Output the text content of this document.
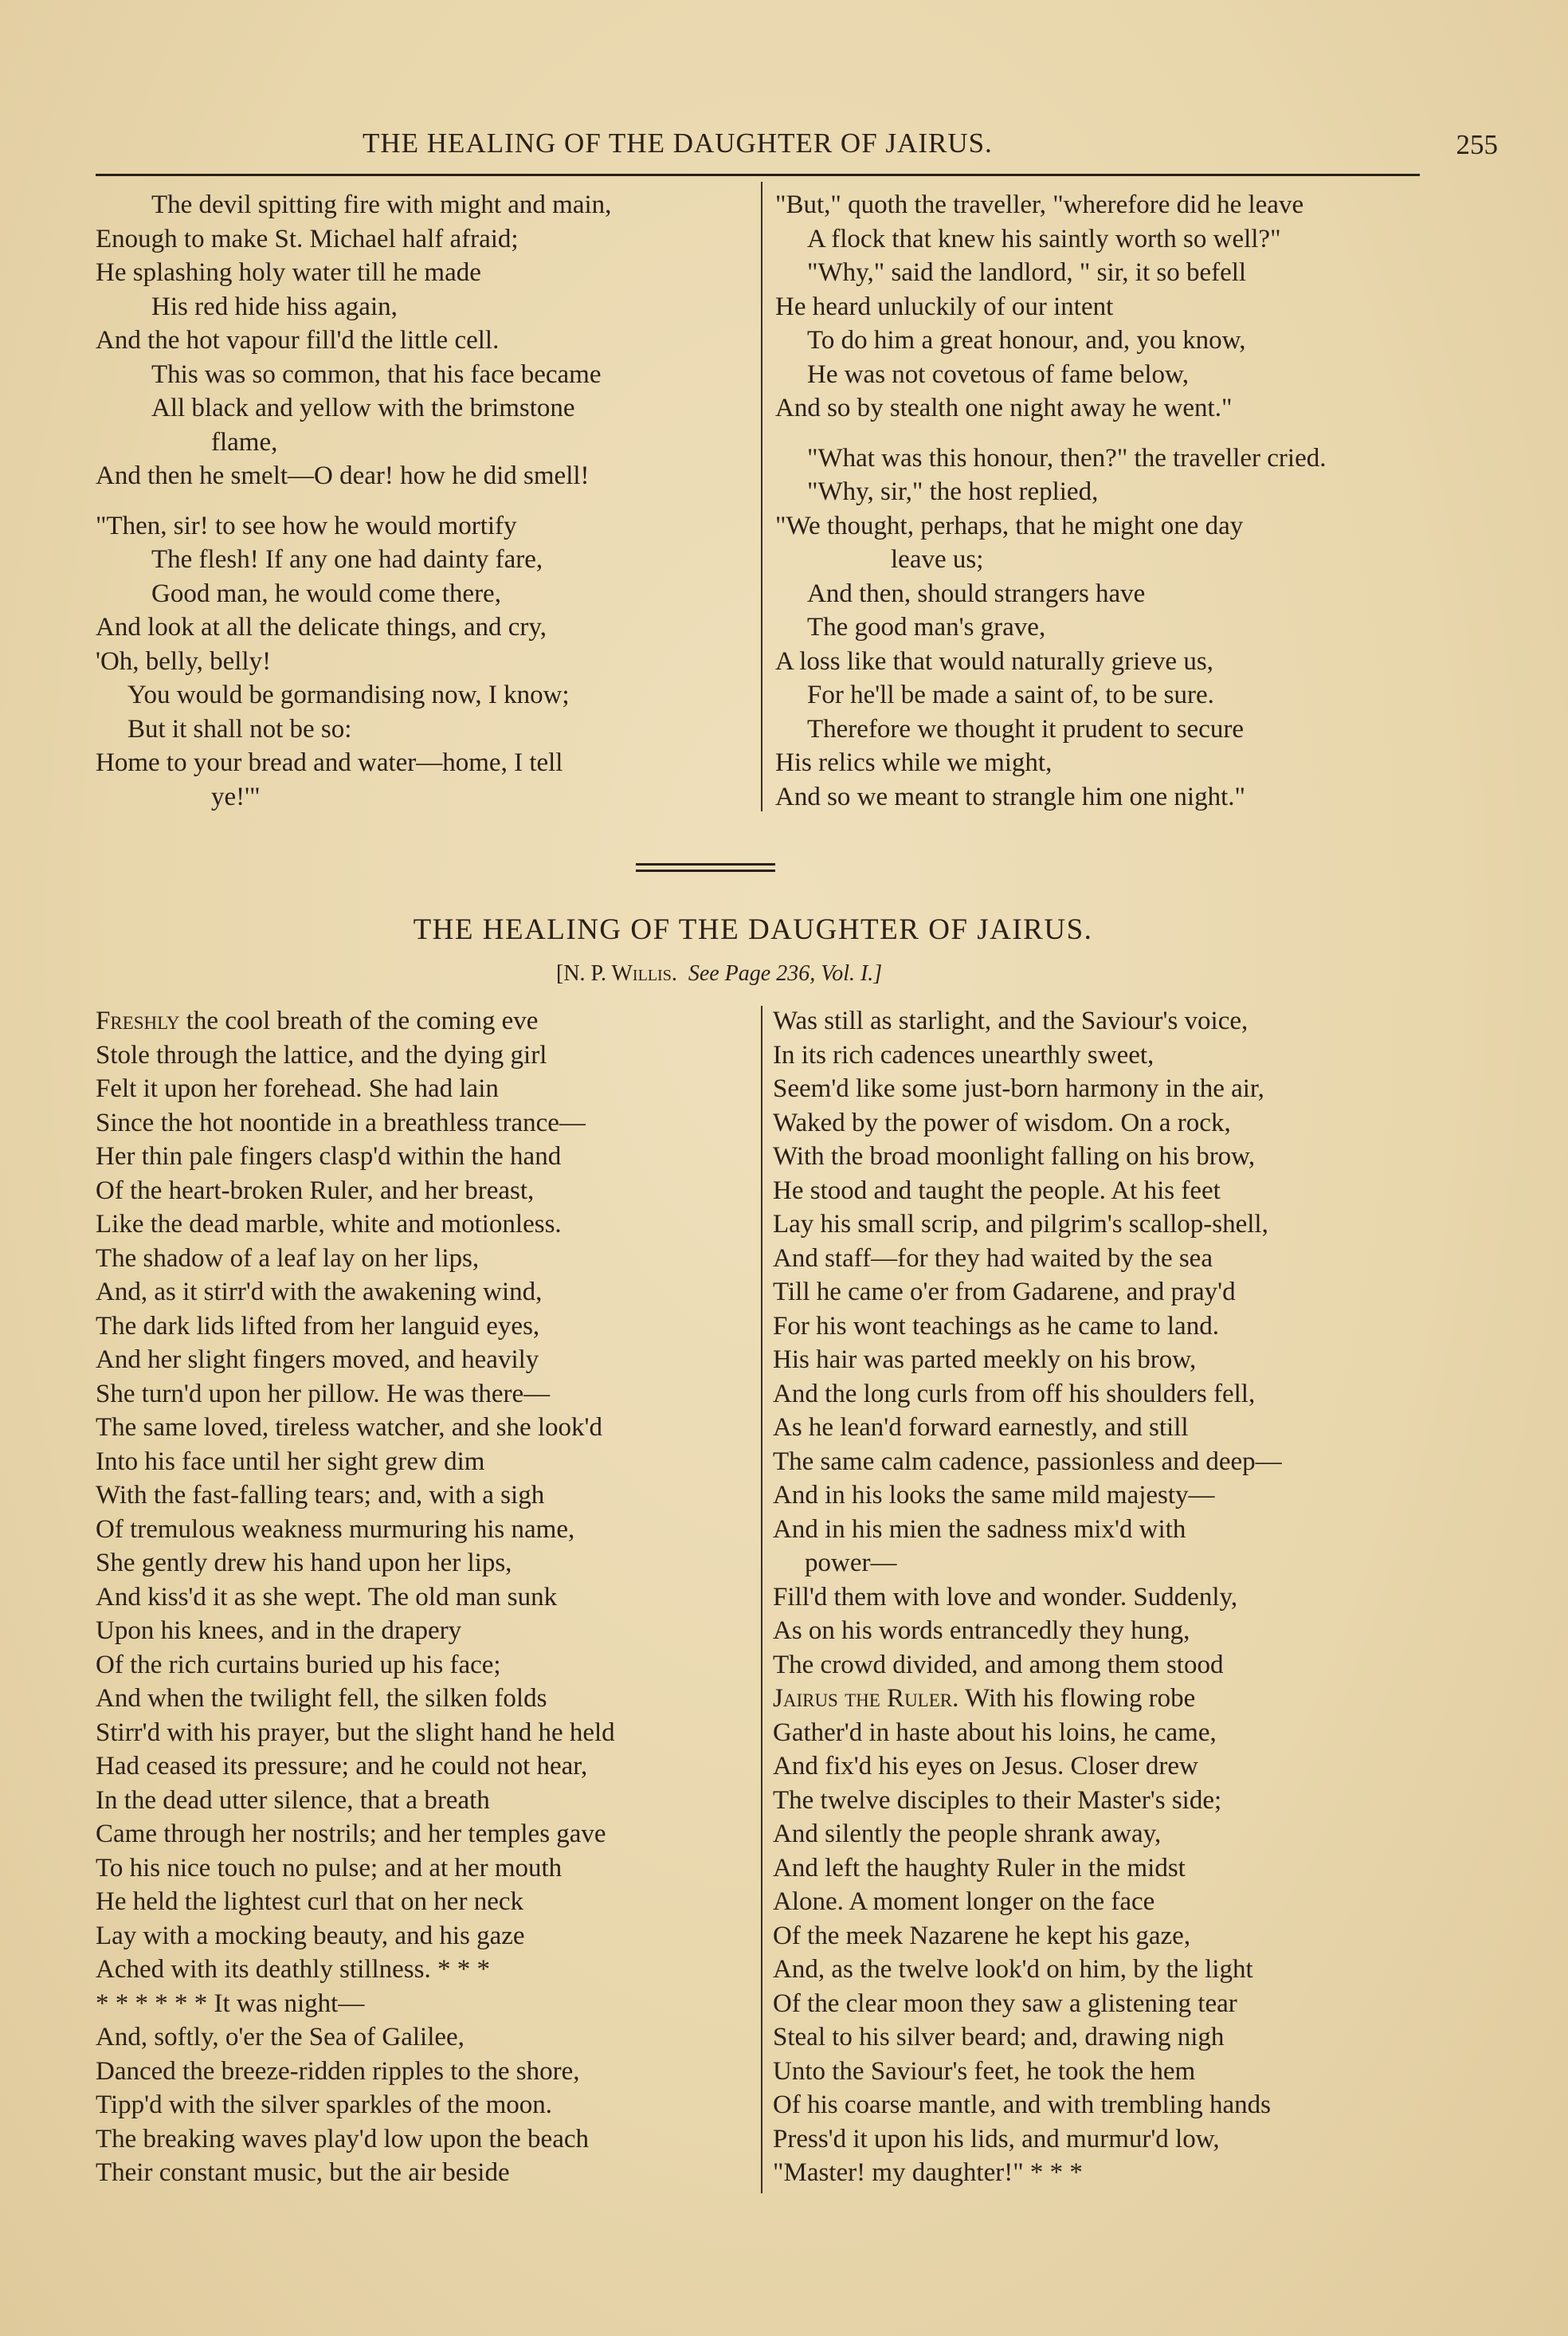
THE HEALING OF THE DAUGHTER OF JAIRUS.	255
The devil spitting fire with might and main,
Enough to make St. Michael half afraid;
He splashing holy water till he made
His red hide hiss again,
And the hot vapour fill'd the little cell.
This was so common, that his face became
All black and yellow with the brimstone
flame,
And then he smelt—O dear! how he did smell!
"Then, sir! to see how he would mortify
The flesh! If any one had dainty fare,
Good man, he would come there,
And look at all the delicate things, and cry,
'Oh, belly, belly!
You would be gormandising now, I know;
But it shall not be so:
Home to your bread and water—home, I tell
ye!'"
"But," quoth the traveller, "wherefore did he leave
A flock that knew his saintly worth so well?"
"Why," said the landlord, " sir, it so befell
He heard unluckily of our intent
To do him a great honour, and, you know,
He was not covetous of fame below,
And so by stealth one night away he went."
"What was this honour, then?" the traveller cried.
"Why, sir," the host replied,
"We thought, perhaps, that he might one day
leave us;
And then, should strangers have
The good man's grave,
A loss like that would naturally grieve us,
For he'll be made a saint of, to be sure.
Therefore we thought it prudent to secure
His relics while we might,
And so we meant to strangle him one night."
THE HEALING OF THE DAUGHTER OF JAIRUS.
[N. P. Willis. See Page 236, Vol. I.]
Freshly the cool breath of the coming eve
Stole through the lattice, and the dying girl
Felt it upon her forehead. She had lain
Since the hot noontide in a breathless trance—
Her thin pale fingers clasp'd within the hand
Of the heart-broken Ruler, and her breast,
Like the dead marble, white and motionless.
The shadow of a leaf lay on her lips,
And, as it stirr'd with the awakening wind,
The dark lids lifted from her languid eyes,
And her slight fingers moved, and heavily
She turn'd upon her pillow. He was there—
The same loved, tireless watcher, and she look'd
Into his face until her sight grew dim
With the fast-falling tears; and, with a sigh
Of tremulous weakness murmuring his name,
She gently drew his hand upon her lips,
And kiss'd it as she wept. The old man sunk
Upon his knees, and in the drapery
Of the rich curtains buried up his face;
And when the twilight fell, the silken folds
Stirr'd with his prayer, but the slight hand he held
Had ceased its pressure; and he could not hear,
In the dead utter silence, that a breath
Came through her nostrils; and her temples gave
To his nice touch no pulse; and at her mouth
He held the lightest curl that on her neck
Lay with a mocking beauty, and his gaze
Ached with its deathly stillness. * * *
* * * * * * It was night—
And, softly, o'er the Sea of Galilee,
Danced the breeze-ridden ripples to the shore,
Tipp'd with the silver sparkles of the moon.
The breaking waves play'd low upon the beach
Their constant music, but the air beside
Was still as starlight, and the Saviour's voice,
In its rich cadences unearthly sweet,
Seem'd like some just-born harmony in the air,
Waked by the power of wisdom. On a rock,
With the broad moonlight falling on his brow,
He stood and taught the people. At his feet
Lay his small scrip, and pilgrim's scallop-shell,
And staff—for they had waited by the sea
Till he came o'er from Gadarene, and pray'd
For his wont teachings as he came to land.
His hair was parted meekly on his brow,
And the long curls from off his shoulders fell,
As he lean'd forward earnestly, and still
The same calm cadence, passionless and deep—
And in his looks the same mild majesty—
And in his mien the sadness mix'd with
power—
Fill'd them with love and wonder. Suddenly,
As on his words entrancedly they hung,
The crowd divided, and among them stood
Jairus the Ruler. With his flowing robe
Gather'd in haste about his loins, he came,
And fix'd his eyes on Jesus. Closer drew
The twelve disciples to their Master's side;
And silently the people shrank away,
And left the haughty Ruler in the midst
Alone. A moment longer on the face
Of the meek Nazarene he kept his gaze,
And, as the twelve look'd on him, by the light
Of the clear moon they saw a glistening tear
Steal to his silver beard; and, drawing nigh
Unto the Saviour's feet, he took the hem
Of his coarse mantle, and with trembling hands
Press'd it upon his lids, and murmur'd low,
"Master! my daughter!" * * *
